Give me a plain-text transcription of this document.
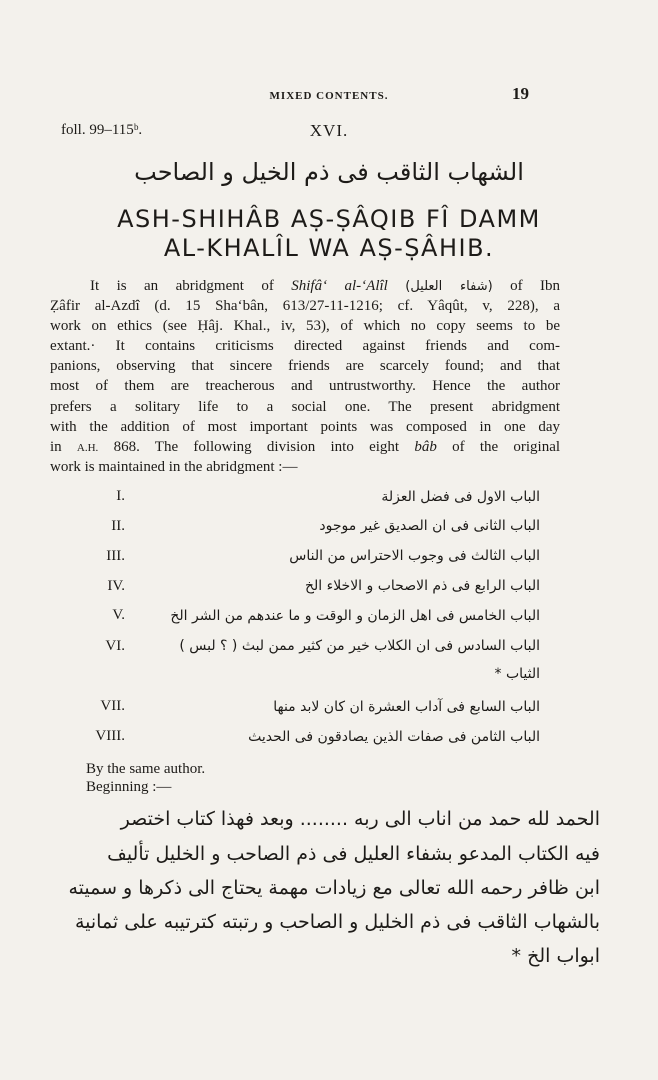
MIXED CONTENTS.	19
foll. 99–115ᵇ.	XVI.
الشهاب الثاقب فى ذم الخيل و الصاحب
ASH-SHIHÂB AṢ-ṢÂQIB FÎ DAMM
AL-KHALÎL WA AṢ-ṢÂHIB.
It is an abridgment of Shifâ‘ al-‘Alîl (شفاء العليل) of Ibn
Ẓâfir al-Azdî (d. 15 Sha‘bân, 613/27-11-1216; cf. Yâqût, v, 228), a
work on ethics (see Ḥâj. Khal., iv, 53), of which no copy seems to be
extant.· It contains criticisms directed against friends and com-
panions, observing that sincere friends are scarcely found; and that
most of them are treacherous and untrustworthy. Hence the author
prefers a solitary life to a social one. The present abridgment
with the addition of most important points was composed in one day
in A.H. 868. The following division into eight bâb of the original
work is maintained in the abridgment :—
I.	الباب الاول فى فضل العزلة
II.	الباب الثانى فى ان الصديق غير موجود
III.	الباب الثالث فى وجوب الاحتراس من الناس
IV.	الباب الرابع فى ذم الاصحاب و الاخلاء الخ
V.	الباب الخامس فى اهل الزمان و الوقت و ما عندهم من الشر الخ
VI.	الباب السادس فى ان الكلاب خير من كثير ممن لبث ( ؟ لبس )
الثياب *
VII.	الباب السابع فى آداب العشرة ان كان لابد منها
VIII.	الباب الثامن فى صفات الذين يصادقون فى الحديث
By the same author.
Beginning :—
الحمد لله حمد من اناب الى ربه ........ وبعد فهذا كتاب اختصر
فيه الكتاب المدعو بشفاء العليل فى ذم الصاحب و الخليل تأليف
ابن ظافر رحمه الله تعالى مع زيادات مهمة يحتاج الى ذكرها و سميته
بالشهاب الثاقب فى ذم الخليل و الصاحب و رتبته كترتيبه على ثمانية
ابواب الخ *
